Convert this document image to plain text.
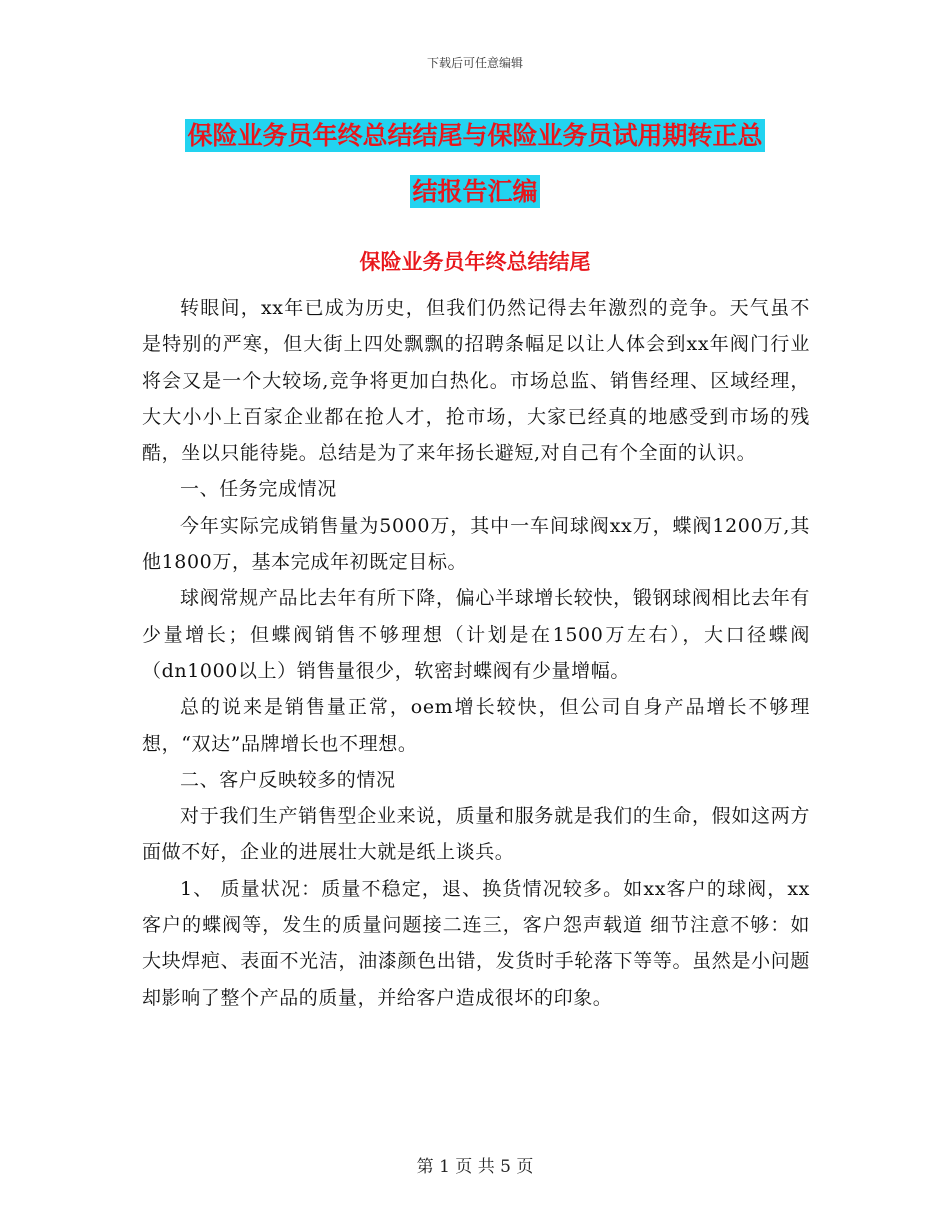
下载后可任意编辑
保险业务员年终总结结尾与保险业务员试用期转正总
结报告汇编
保险业务员年终总结结尾

转眼间，xx年已成为历史，但我们仍然记得去年激烈的竞争。天气虽不是特别的严寒，但大街上四处飘飘的招聘条幅足以让人体会到xx年阀门行业将会又是一个大较场,竞争将更加白热化。市场总监、销售经理、区域经理，大大小小上百家企业都在抢人才，抢市场，大家已经真的地感受到市场的残酷，坐以只能待毙。总结是为了来年扬长避短,对自己有个全面的认识。

一、任务完成情况

今年实际完成销售量为5000万，其中一车间球阀xx万，蝶阀1200万,其他1800万，基本完成年初既定目标。

球阀常规产品比去年有所下降，偏心半球增长较快，锻钢球阀相比去年有少量增长；但蝶阀销售不够理想（计划是在1500万左右），大口径蝶阀（dn1000以上）销售量很少，软密封蝶阀有少量增幅。

总的说来是销售量正常，oem增长较快，但公司自身产品增长不够理想，“双达”品牌增长也不理想。

二、客户反映较多的情况

对于我们生产销售型企业来说，质量和服务就是我们的生命，假如这两方面做不好，企业的进展壮大就是纸上谈兵。

1、 质量状况：质量不稳定，退、换货情况较多。如xx客户的球阀，xx客户的蝶阀等，发生的质量问题接二连三，客户怨声载道 细节注意不够：如大块焊疤、表面不光洁，油漆颜色出错，发货时手轮落下等等。虽然是小问题却影响了整个产品的质量，并给客户造成很坏的印象。

第 1 页 共 5 页
